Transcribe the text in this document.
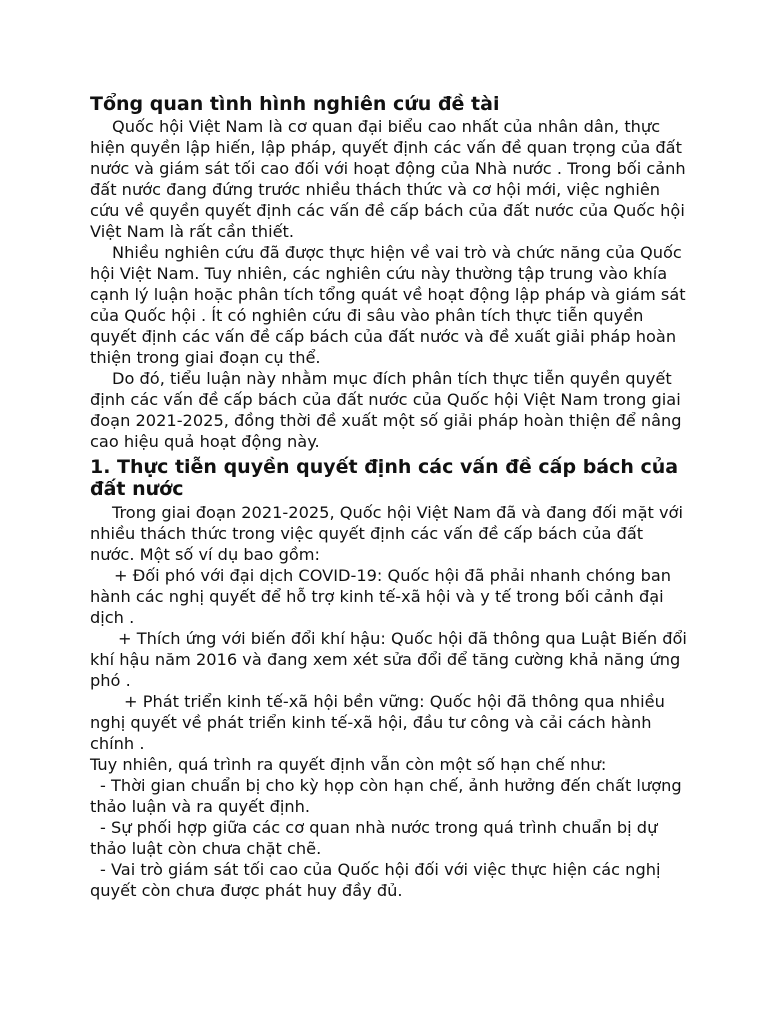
Tổng quan tình hình nghiên cứu đề tài

Quốc hội Việt Nam là cơ quan đại biểu cao nhất của nhân dân, thực hiện quyền lập hiến, lập pháp, quyết định các vấn đề quan trọng của đất nước và giám sát tối cao đối với hoạt động của Nhà nước . Trong bối cảnh đất nước đang đứng trước nhiều thách thức và cơ hội mới, việc nghiên cứu về quyền quyết định các vấn đề cấp bách của đất nước của Quốc hội Việt Nam là rất cần thiết.

Nhiều nghiên cứu đã được thực hiện về vai trò và chức năng của Quốc hội Việt Nam. Tuy nhiên, các nghiên cứu này thường tập trung vào khía cạnh lý luận hoặc phân tích tổng quát về hoạt động lập pháp và giám sát của Quốc hội . Ít có nghiên cứu đi sâu vào phân tích thực tiễn quyền quyết định các vấn đề cấp bách của đất nước và đề xuất giải pháp hoàn thiện trong giai đoạn cụ thể.

Do đó, tiểu luận này nhằm mục đích phân tích thực tiễn quyền quyết định các vấn đề cấp bách của đất nước của Quốc hội Việt Nam trong giai đoạn 2021-2025, đồng thời đề xuất một số giải pháp hoàn thiện để nâng cao hiệu quả hoạt động này.

1. Thực tiễn quyền quyết định các vấn đề cấp bách của đất nước

Trong giai đoạn 2021-2025, Quốc hội Việt Nam đã và đang đối mặt với nhiều thách thức trong việc quyết định các vấn đề cấp bách của đất nước. Một số ví dụ bao gồm:

+ Đối phó với đại dịch COVID-19: Quốc hội đã phải nhanh chóng ban hành các nghị quyết để hỗ trợ kinh tế-xã hội và y tế trong bối cảnh đại dịch .

+ Thích ứng với biến đổi khí hậu: Quốc hội đã thông qua Luật Biến đổi khí hậu năm 2016 và đang xem xét sửa đổi để tăng cường khả năng ứng phó .

+ Phát triển kinh tế-xã hội bền vững: Quốc hội đã thông qua nhiều nghị quyết về phát triển kinh tế-xã hội, đầu tư công và cải cách hành chính .

Tuy nhiên, quá trình ra quyết định vẫn còn một số hạn chế như:

- Thời gian chuẩn bị cho kỳ họp còn hạn chế, ảnh hưởng đến chất lượng thảo luận và ra quyết định.

- Sự phối hợp giữa các cơ quan nhà nước trong quá trình chuẩn bị dự thảo luật còn chưa chặt chẽ.

- Vai trò giám sát tối cao của Quốc hội đối với việc thực hiện các nghị quyết còn chưa được phát huy đầy đủ.
